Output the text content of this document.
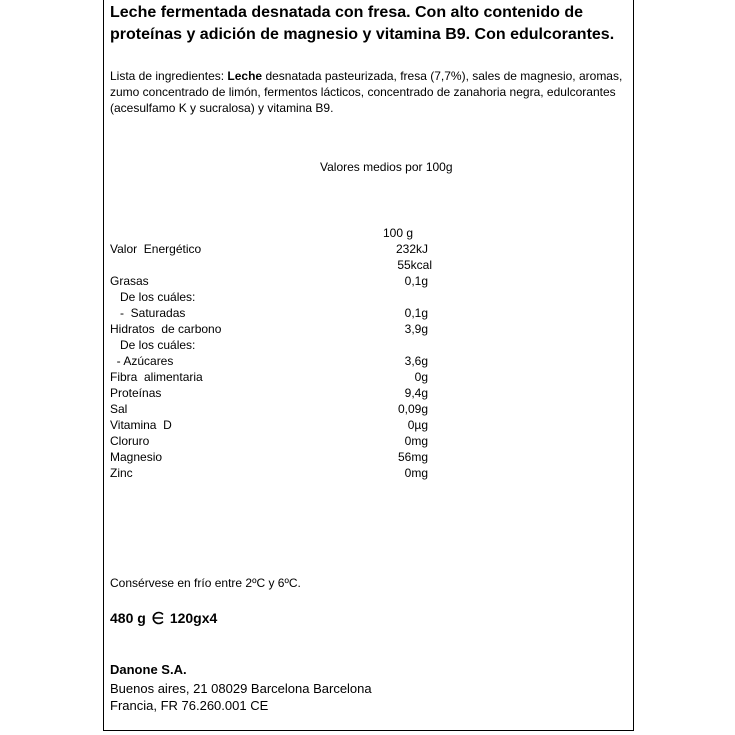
Leche fermentada desnatada con fresa. Con alto contenido de proteínas y adición de magnesio y vitamina B9. Con edulcorantes.

Lista de ingredientes: Leche desnatada pasteurizada, fresa (7,7%), sales de magnesio, aromas, zumo concentrado de limón, fermentos lácticos, concentrado de zanahoria negra, edulcorantes (acesulfamo K y sucralosa) y vitamina B9.

Valores medios por 100g
100 g
Valor  Energético	232kJ
55kcal
Grasas	0,1g
De los cuáles:
-  Saturadas	0,1g
Hidratos  de carbono	3,9g
De los cuáles:
- Azúcares	3,6g
Fibra  alimentaria	0g
Proteínas	9,4g
Sal	0,09g
Vitamina  D	0µg
Cloruro	0mg
Magnesio	56mg
Zinc	0mg
Consérvese en frío entre 2ºC y 6ºC.
480 g 120gx4
Danone S.A.
Buenos aires, 21 08029 Barcelona Barcelona
Francia, FR 76.260.001 CE
